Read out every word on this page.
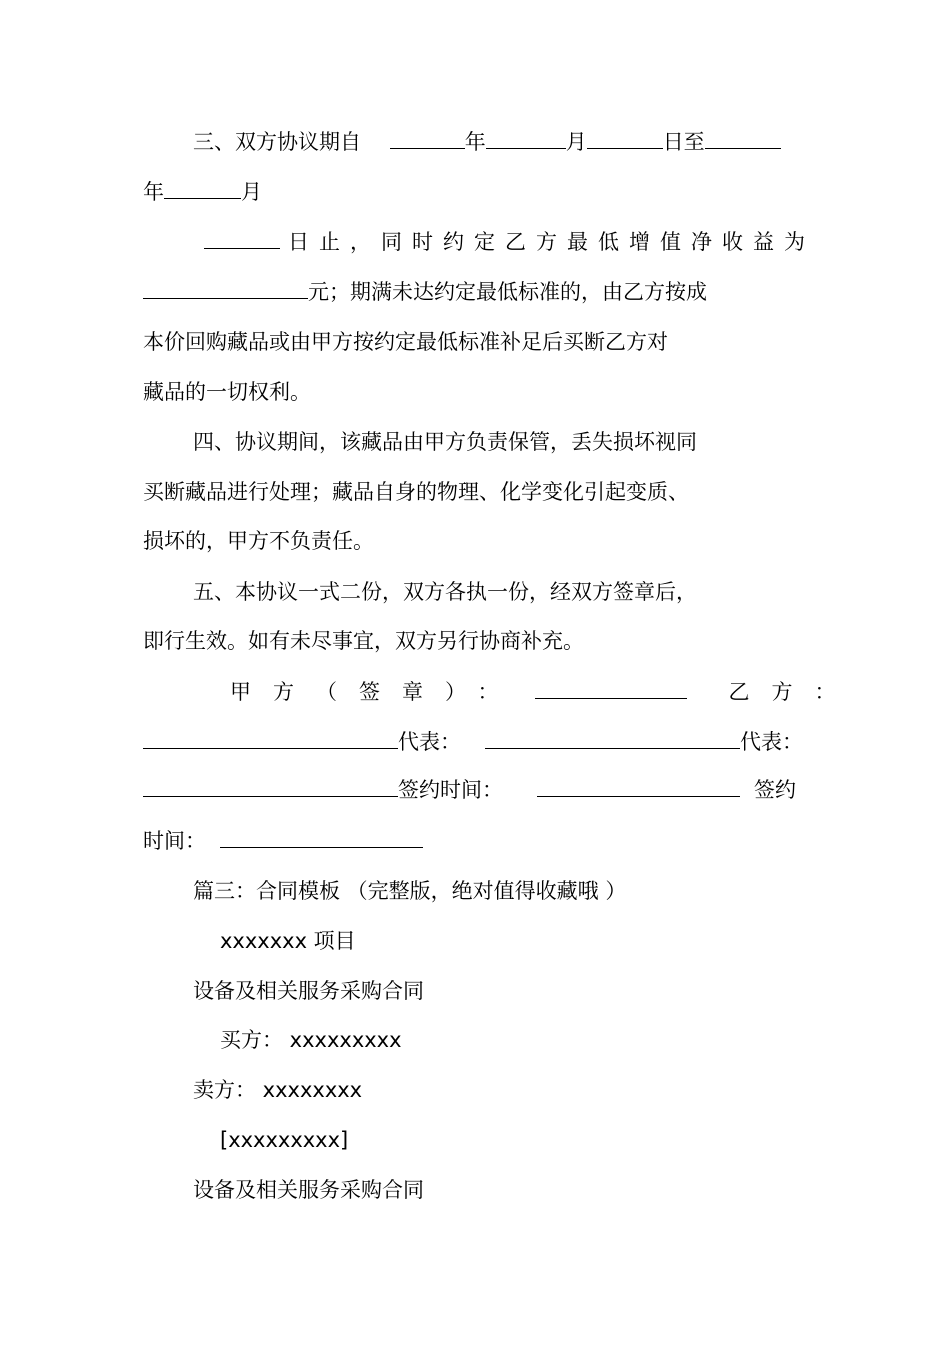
三、双方协议期自	年	月	日至
年	月
日止，同时约定乙方最低增值净收益为
元；期满未达约定最低标准的，由乙方按成
本价回购藏品或由甲方按约定最低标准补足后买断乙方对
藏品的一切权利。
四、协议期间，该藏品由甲方负责保管，丢失损坏视同
买断藏品进行处理；藏品自身的物理、化学变化引起变质、
损坏的，甲方不负责任。
五、本协议一式二份，双方各执一份，经双方签章后，
即行生效。如有未尽事宜，双方另行协商补充。
甲方（签章）：	乙方：
代表：	代表：
签约时间：	签约
时间：
篇三：合同模板 （完整版，绝对值得收藏哦 ）
xxxxxxx 项目
设备及相关服务采购合同
买方： xxxxxxxxx
卖方： xxxxxxxx
[xxxxxxxxx]
设备及相关服务采购合同
